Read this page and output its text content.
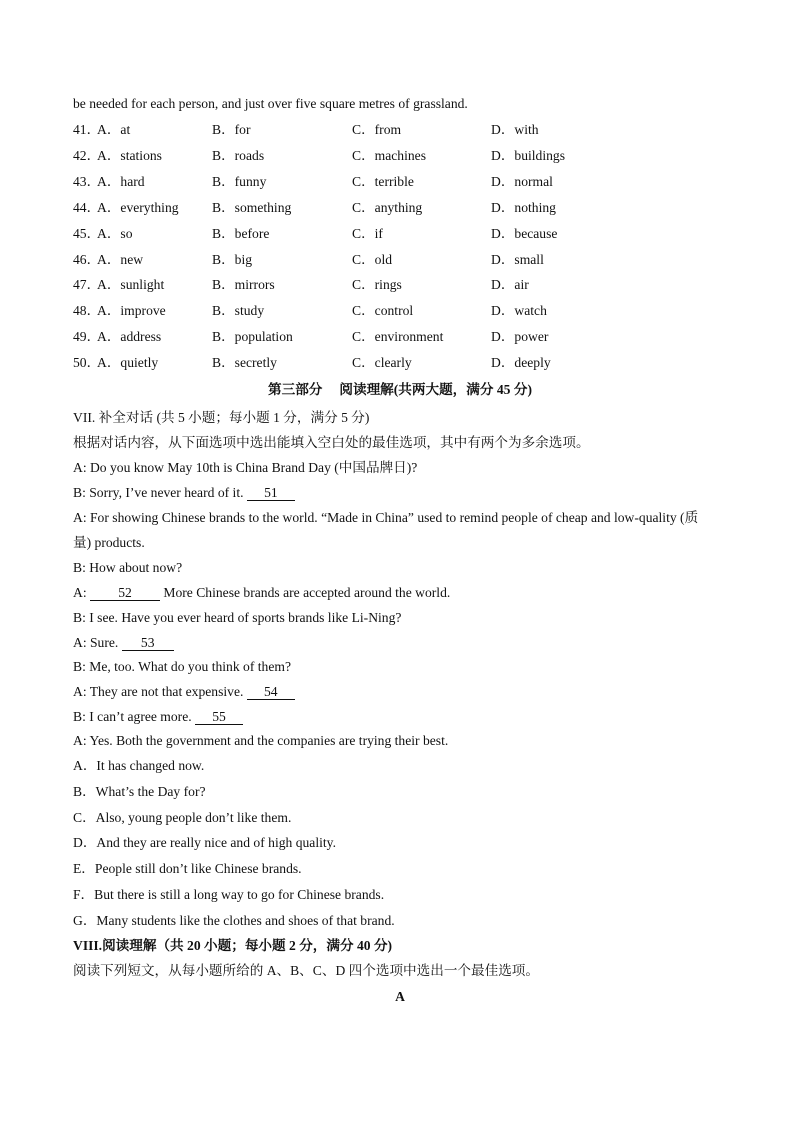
be needed for each person, and just over five square metres of grassland.
41．
A．at	B．for	C．from	D．with
42．
A．stations	B．roads	C．machines	D．buildings
43．
A．hard	B．funny	C．terrible	D．normal
44．
A．everything B．something	C．anything	D．nothing
45．
A．so	B．before	C．if	D．because
46．
A．new	B．big	C．old	D．small
47．
A．sunlight	B．mirrors	C．rings	D．air
48．
A．improve	B．study	C．control	D．watch
49．
A．address	B．population	C．environment	D．power
50．
A．quietly	B．secretly	C．clearly	D．deeply
第三部分　 阅读理解(共两大题，满分 45 分)
VII. 补全对话 (共 5 小题；每小题 1 分，满分 5 分)
根据对话内容，从下面选项中选出能填入空白处的最佳选项，其中有两个为多余选项。
A: Do you know May 10th is China Brand Day (中国品牌日)?
B: Sorry, I’ve never heard of it. 51
A: For showing Chinese brands to the world. “Made in China” used to remind people of cheap and low-quality (质
量) products.
B: How about now?
A: 52 More Chinese brands are accepted around the world.
B: I see. Have you ever heard of sports brands like Li-Ning?
A: Sure. 53
B: Me, too. What do you think of them?
A: They are not that expensive. 54
B: I can’t agree more. 55
A: Yes. Both the government and the companies are trying their best.
A．It has changed now.
B．What’s the Day for?
C．Also, young people don’t like them.
D．And they are really nice and of high quality.
E．People still don’t like Chinese brands.
F．But there is still a long way to go for Chinese brands.
G．Many students like the clothes and shoes of that brand.
VIII.阅读理解（共 20 小题；每小题 2 分，满分 40 分)
阅读下列短文，从每小题所给的 A、B、C、D 四个选项中选出一个最佳选项。
A
